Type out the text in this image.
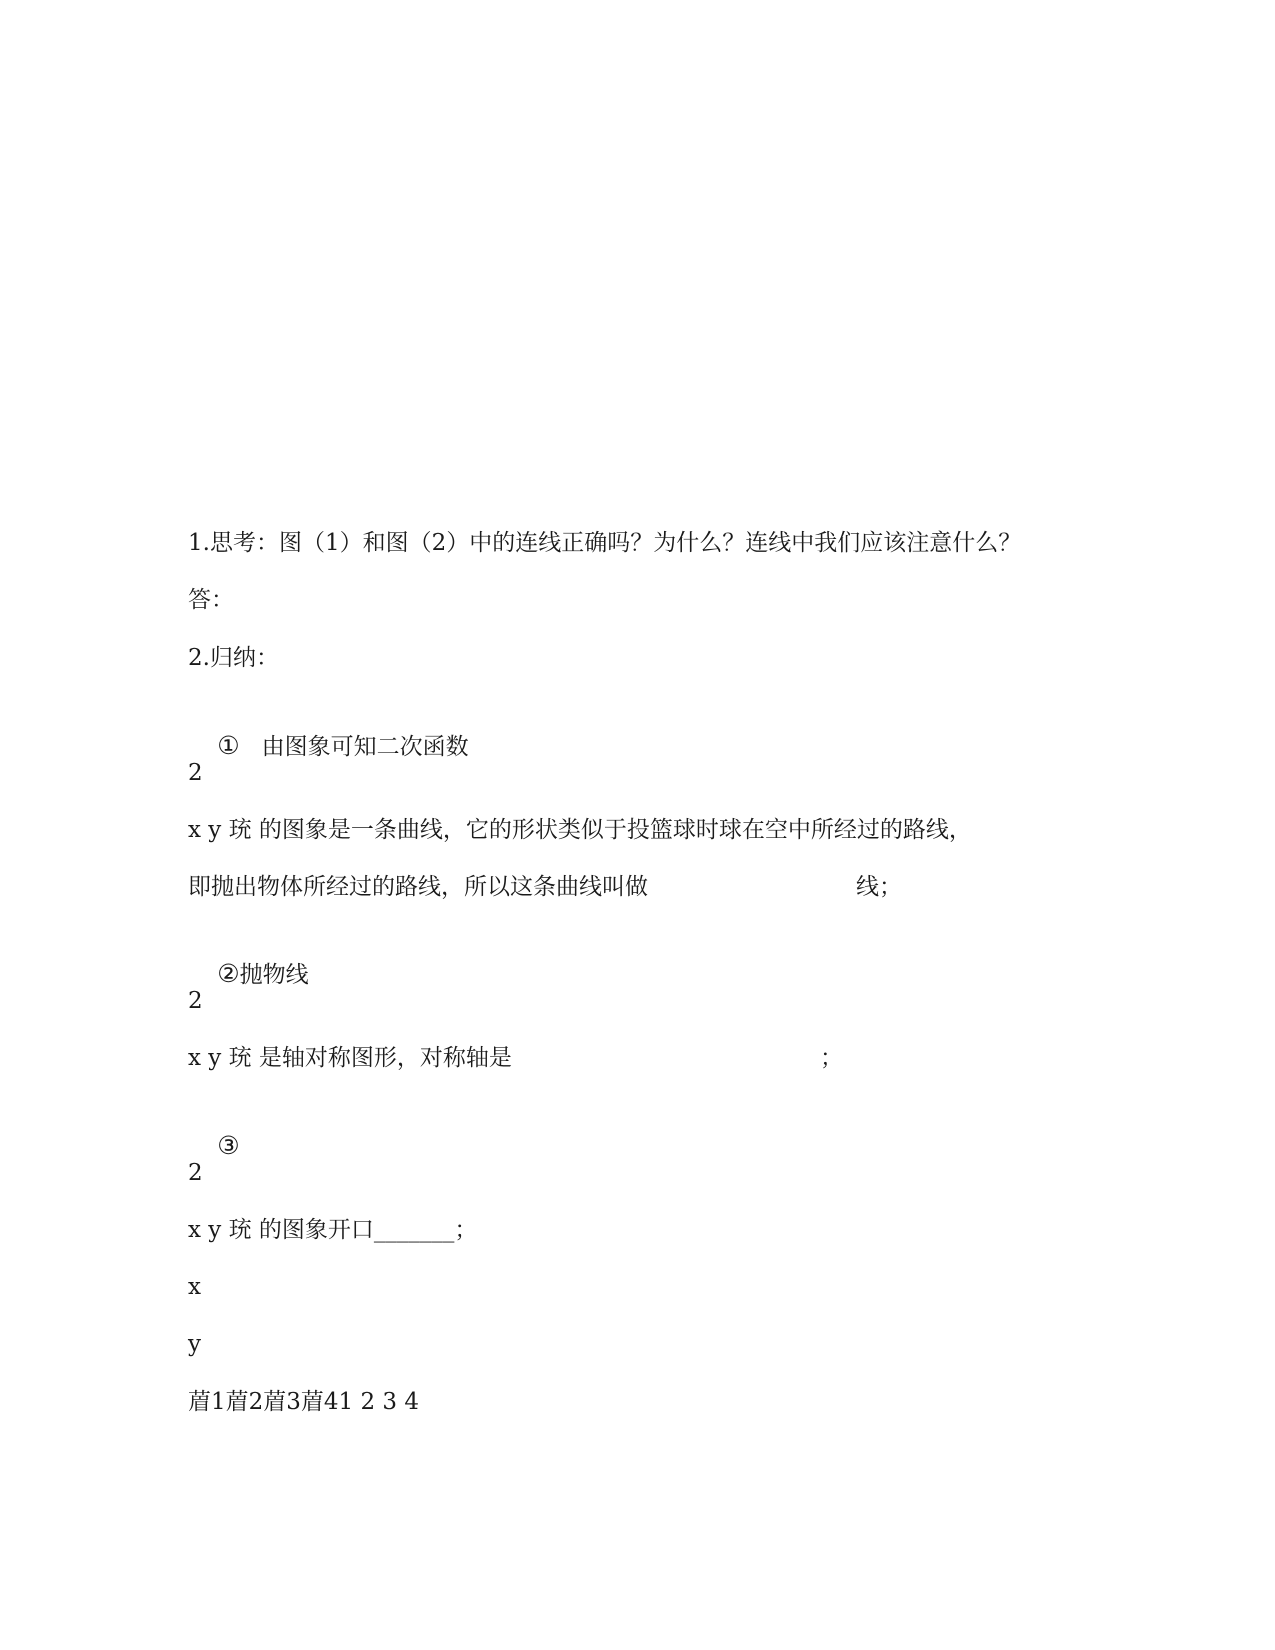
1.思考：图（1）和图（2）中的连线正确吗？为什么？连线中我们应该注意什么？
答：
2.归纳：

① 由图象可知二次函数

2
x y 珫 的图象是一条曲线，它的形状类似于投篮球时球在空中所经过的路线，
即抛出物体所经过的路线，所以这条曲线叫做	线；

②抛物线

2
x y 珫 是轴对称图形，对称轴是	；

③

2
x y 珫 的图象开口_______；
x
y
葿1葿2葿3葿41 2 3 4
